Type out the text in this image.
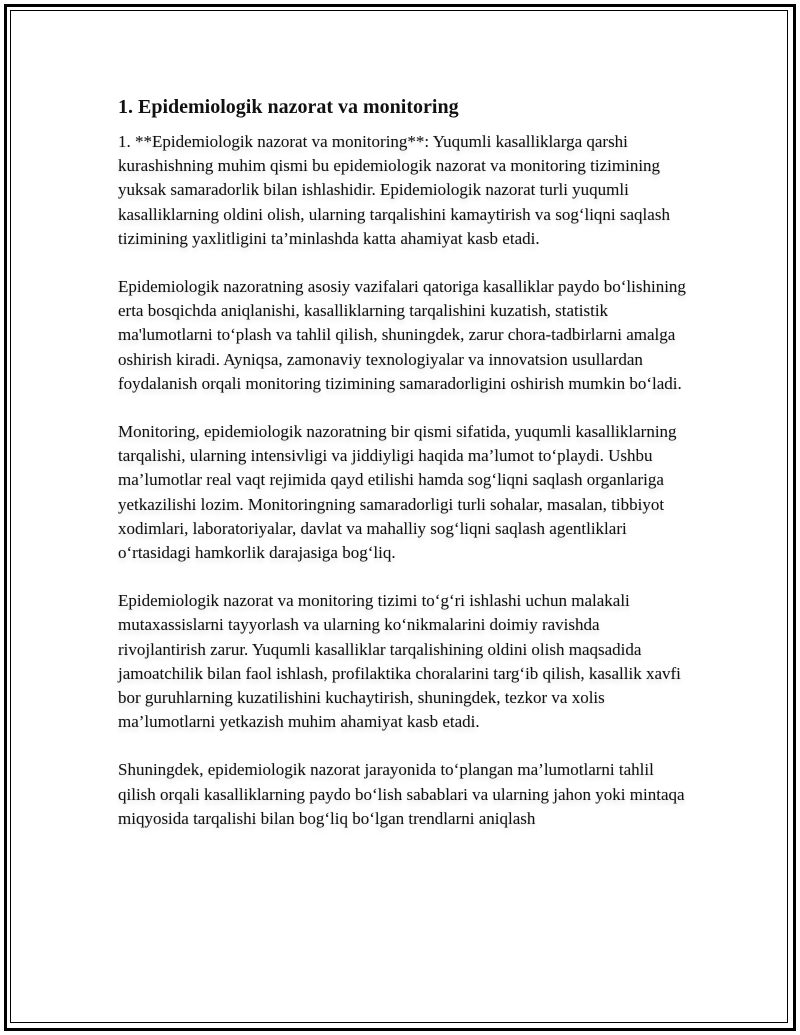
1. Epidemiologik nazorat va monitoring

1. **Epidemiologik nazorat va monitoring**: Yuqumli kasalliklarga qarshi kurashishning muhim qismi bu epidemiologik nazorat va monitoring tizimining yuksak samaradorlik bilan ishlashidir. Epidemiologik nazorat turli yuqumli kasalliklarning oldini olish, ularning tarqalishini kamaytirish va sog‘liqni saqlash tizimining yaxlitligini ta’minlashda katta ahamiyat kasb etadi.

Epidemiologik nazoratning asosiy vazifalari qatoriga kasalliklar paydo bo‘lishining erta bosqichda aniqlanishi, kasalliklarning tarqalishini kuzatish, statistik ma'lumotlarni to‘plash va tahlil qilish, shuningdek, zarur chora-tadbirlarni amalga oshirish kiradi. Ayniqsa, zamonaviy texnologiyalar va innovatsion usullardan foydalanish orqali monitoring tizimining samaradorligini oshirish mumkin bo‘ladi.

Monitoring, epidemiologik nazoratning bir qismi sifatida, yuqumli kasalliklarning tarqalishi, ularning intensivligi va jiddiyligi haqida ma’lumot to‘playdi. Ushbu ma’lumotlar real vaqt rejimida qayd etilishi hamda sog‘liqni saqlash organlariga yetkazilishi lozim. Monitoringning samaradorligi turli sohalar, masalan, tibbiyot xodimlari, laboratoriyalar, davlat va mahalliy sog‘liqni saqlash agentliklari o‘rtasidagi hamkorlik darajasiga bog‘liq.

Epidemiologik nazorat va monitoring tizimi to‘g‘ri ishlashi uchun malakali mutaxassislarni tayyorlash va ularning ko‘nikmalarini doimiy ravishda rivojlantirish zarur. Yuqumli kasalliklar tarqalishining oldini olish maqsadida jamoatchilik bilan faol ishlash, profilaktika choralarini targ‘ib qilish, kasallik xavfi bor guruhlarning kuzatilishini kuchaytirish, shuningdek, tezkor va xolis ma’lumotlarni yetkazish muhim ahamiyat kasb etadi.

Shuningdek, epidemiologik nazorat jarayonida to‘plangan ma’lumotlarni tahlil qilish orqali kasalliklarning paydo bo‘lish sabablari va ularning jahon yoki mintaqa miqyosida tarqalishi bilan bog‘liq bo‘lgan trendlarni aniqlash
